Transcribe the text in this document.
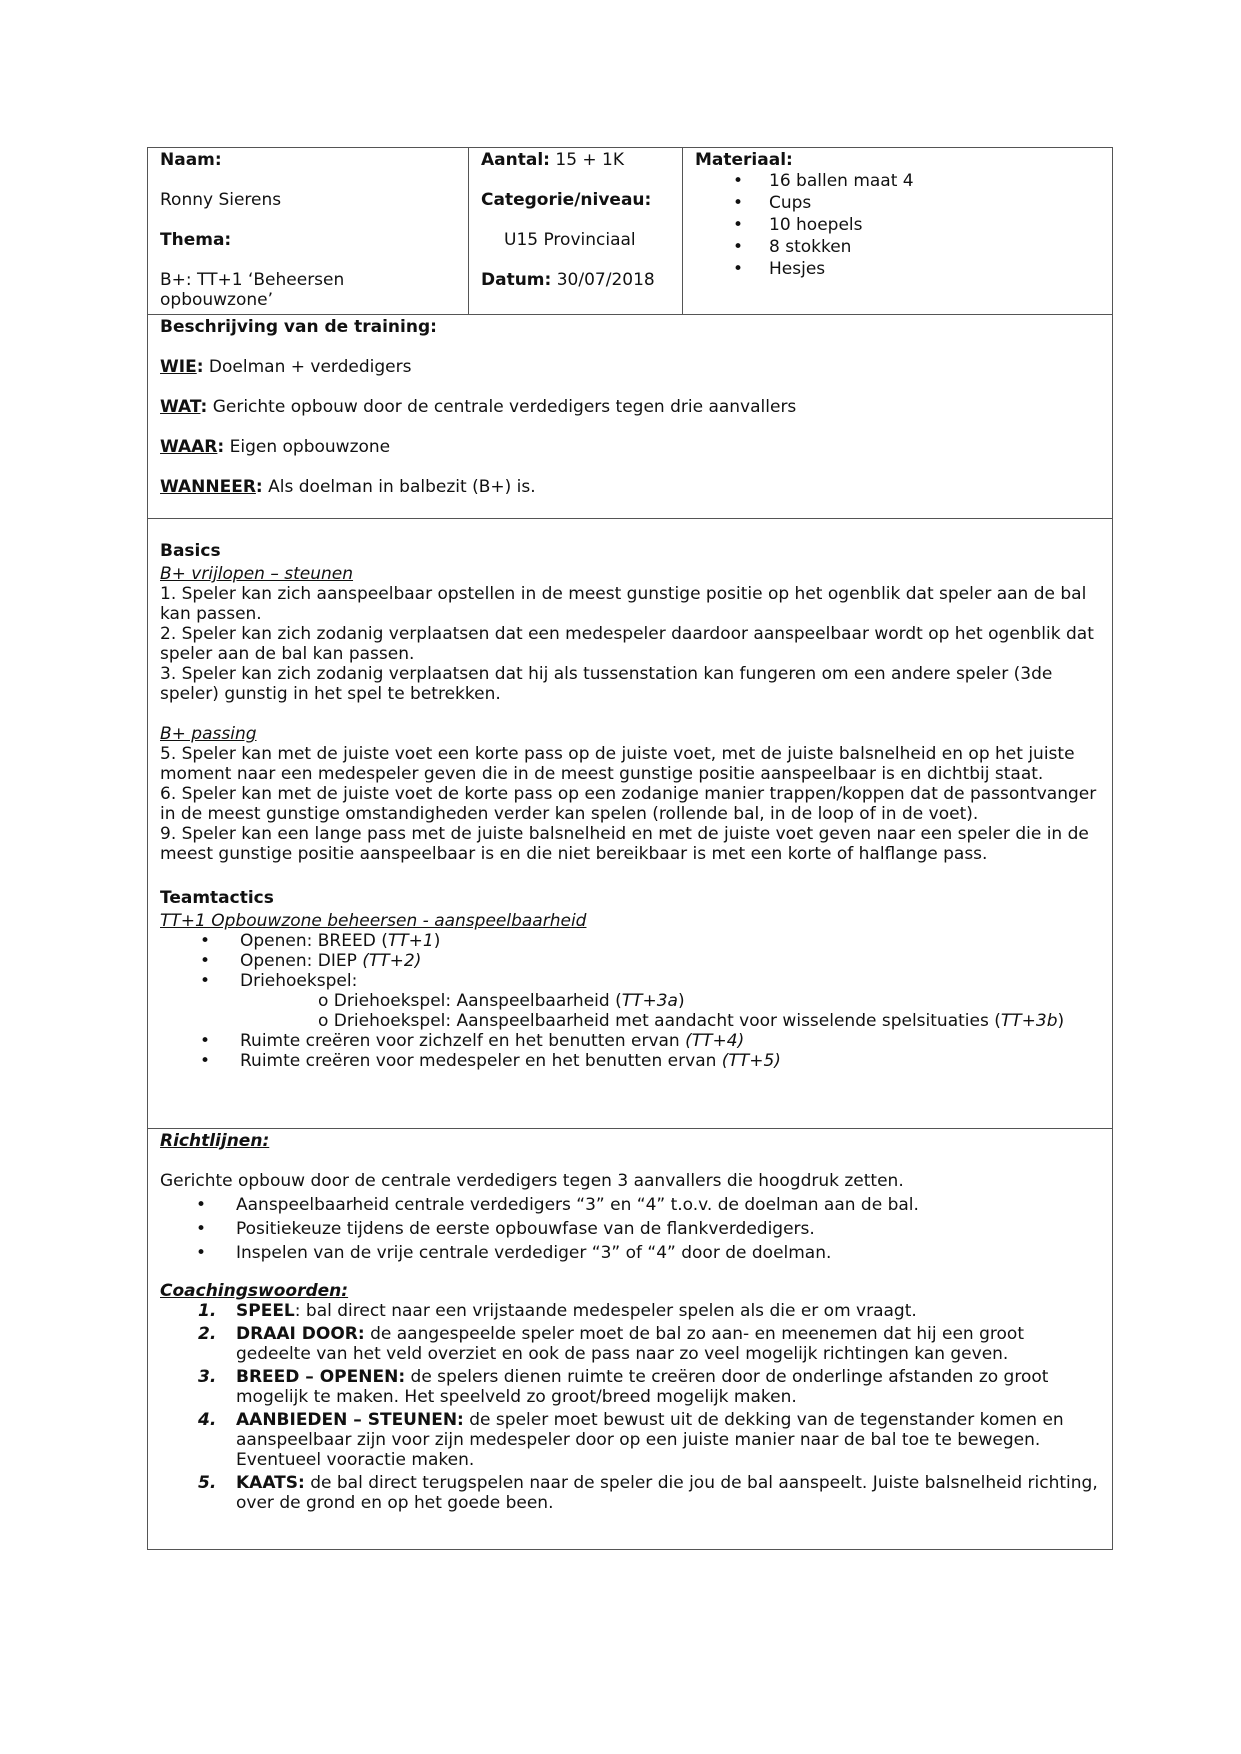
Naam:

Ronny Sierens

Thema:

B+: TT+1 ‘Beheersen opbouwzone’

Aantal: 15 + 1K

Categorie/niveau:

U15 Provinciaal

Datum: 30/07/2018

Materiaal:

• 16 ballen maat 4
• Cups
• 10 hoepels
• 8 stokken
• Hesjes

Beschrijving van de training:

WIE: Doelman + verdedigers

WAT: Gerichte opbouw door de centrale verdedigers tegen drie aanvallers

WAAR: Eigen opbouwzone

WANNEER: Als doelman in balbezit (B+) is.

Basics

B+ vrijlopen – steunen

1. Speler kan zich aanspeelbaar opstellen in de meest gunstige positie op het ogenblik dat speler aan de bal kan passen.

2. Speler kan zich zodanig verplaatsen dat een medespeler daardoor aanspeelbaar wordt op het ogenblik dat speler aan de bal kan passen.

3. Speler kan zich zodanig verplaatsen dat hij als tussenstation kan fungeren om een andere speler (3de speler) gunstig in het spel te betrekken.

B+ passing

5. Speler kan met de juiste voet een korte pass op de juiste voet, met de juiste balsnelheid en op het juiste moment naar een medespeler geven die in de meest gunstige positie aanspeelbaar is en dichtbij staat.

6. Speler kan met de juiste voet de korte pass op een zodanige manier trappen/koppen dat de passontvanger in de meest gunstige omstandigheden verder kan spelen (rollende bal, in de loop of in de voet).

9. Speler kan een lange pass met de juiste balsnelheid en met de juiste voet geven naar een speler die in de meest gunstige positie aanspeelbaar is en die niet bereikbaar is met een korte of halflange pass.

Teamtactics

TT+1 Opbouwzone beheersen - aanspeelbaarheid

• Openen: BREED (TT+1)
• Openen: DIEP (TT+2)
• Driehoekspel:
o Driehoekspel: Aanspeelbaarheid (TT+3a)
o Driehoekspel: Aanspeelbaarheid met aandacht voor wisselende spelsituaties (TT+3b)
• Ruimte creëren voor zichzelf en het benutten ervan (TT+4)
• Ruimte creëren voor medespeler en het benutten ervan (TT+5)

Richtlijnen:

Gerichte opbouw door de centrale verdedigers tegen 3 aanvallers die hoogdruk zetten.

• Aanspeelbaarheid centrale verdedigers “3” en “4” t.o.v. de doelman aan de bal.
• Positiekeuze tijdens de eerste opbouwfase van de flankverdedigers.
• Inspelen van de vrije centrale verdediger “3” of “4” door de doelman.

Coachingswoorden:

1. SPEEL: bal direct naar een vrijstaande medespeler spelen als die er om vraagt.
2. DRAAI DOOR: de aangespeelde speler moet de bal zo aan- en meenemen dat hij een groot gedeelte van het veld overziet en ook de pass naar zo veel mogelijk richtingen kan geven.
3. BREED – OPENEN: de spelers dienen ruimte te creëren door de onderlinge afstanden zo groot mogelijk te maken. Het speelveld zo groot/breed mogelijk maken.
4. AANBIEDEN – STEUNEN: de speler moet bewust uit de dekking van de tegenstander komen en aanspeelbaar zijn voor zijn medespeler door op een juiste manier naar de bal toe te bewegen. Eventueel vooractie maken.
5. KAATS: de bal direct terugspelen naar de speler die jou de bal aanspeelt. Juiste balsnelheid richting, over de grond en op het goede been.
